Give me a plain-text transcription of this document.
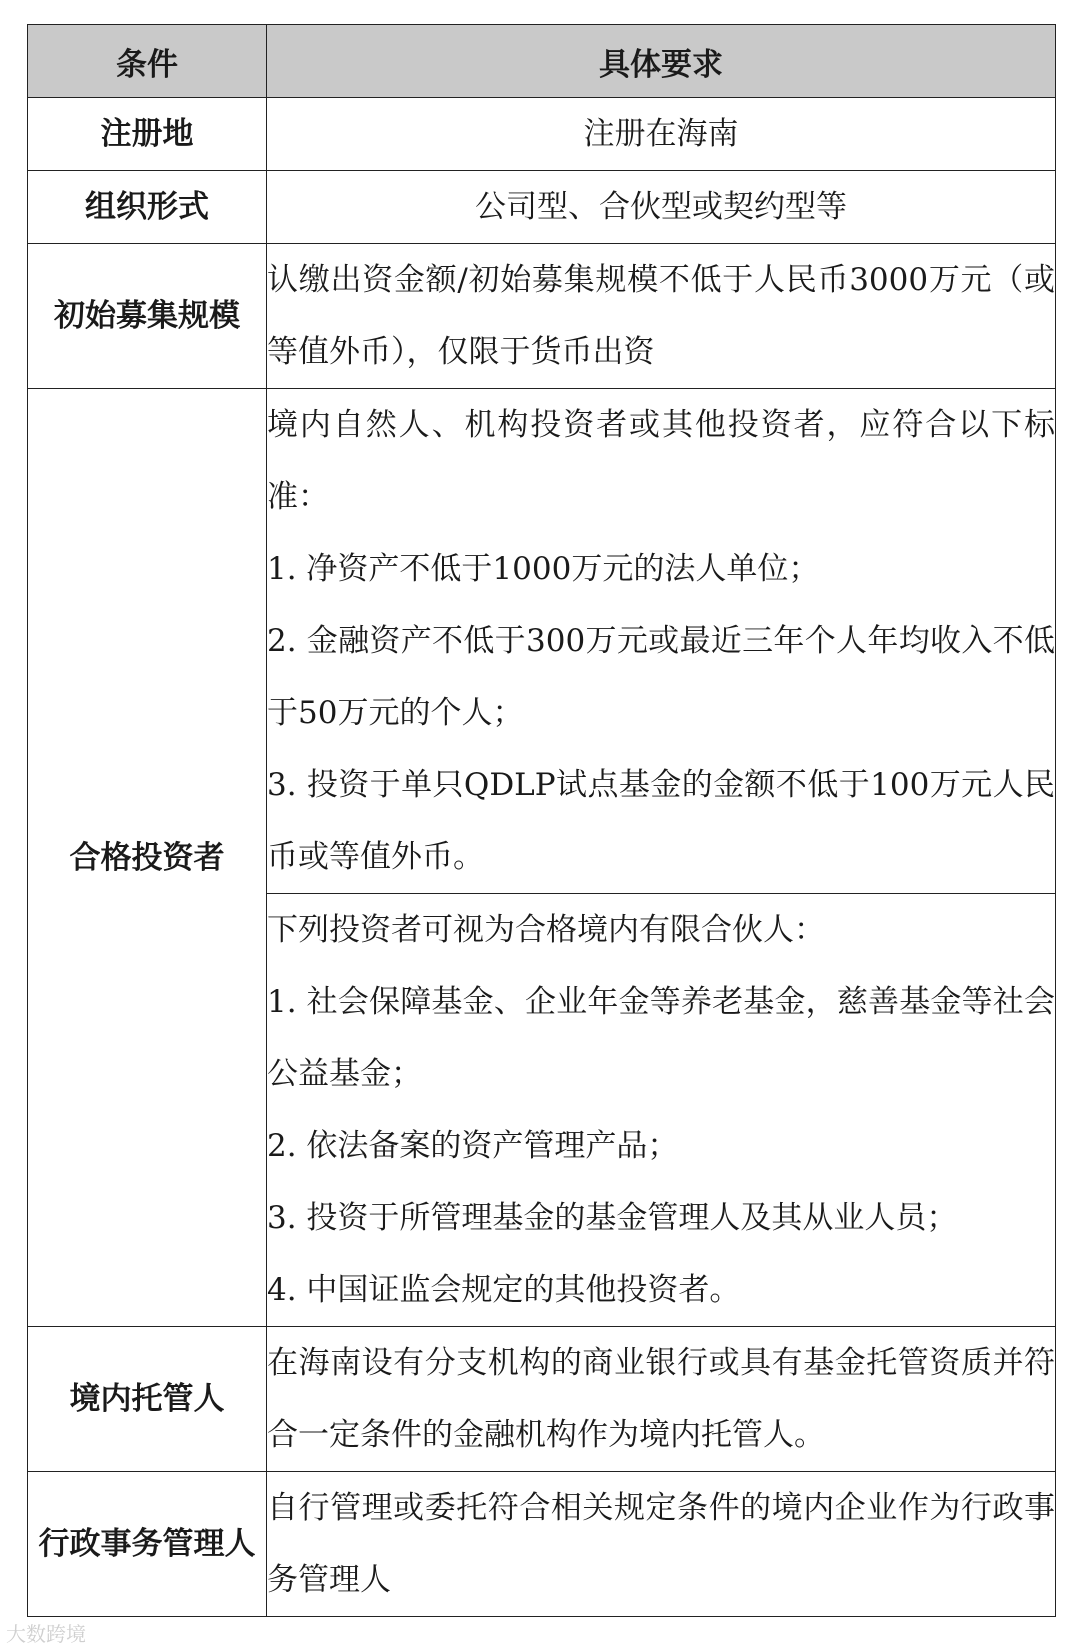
条件	具体要求
注册地	注册在海南
组织形式	公司型、合伙型或契约型等
初始募集规模	认缴出资金额/初始募集规模不低于人民币3000万元（或等值外币），仅限于货币出资
合格投资者	境内自然人、机构投资者或其他投资者，应符合以下标准：
1. 净资产不低于1000万元的法人单位；
2. 金融资产不低于300万元或最近三年个人年均收入不低于50万元的个人；
3. 投资于单只QDLP试点基金的金额不低于100万元人民币或等值外币。

	下列投资者可视为合格境内有限合伙人：
1. 社会保障基金、企业年金等养老基金，慈善基金等社会公益基金；
2. 依法备案的资产管理产品；
3. 投资于所管理基金的基金管理人及其从业人员；
4. 中国证监会规定的其他投资者。

境内托管人	在海南设有分支机构的商业银行或具有基金托管资质并符合一定条件的金融机构作为境内托管人。
行政事务管理人	自行管理或委托符合相关规定条件的境内企业作为行政事务管理人
大数跨境
